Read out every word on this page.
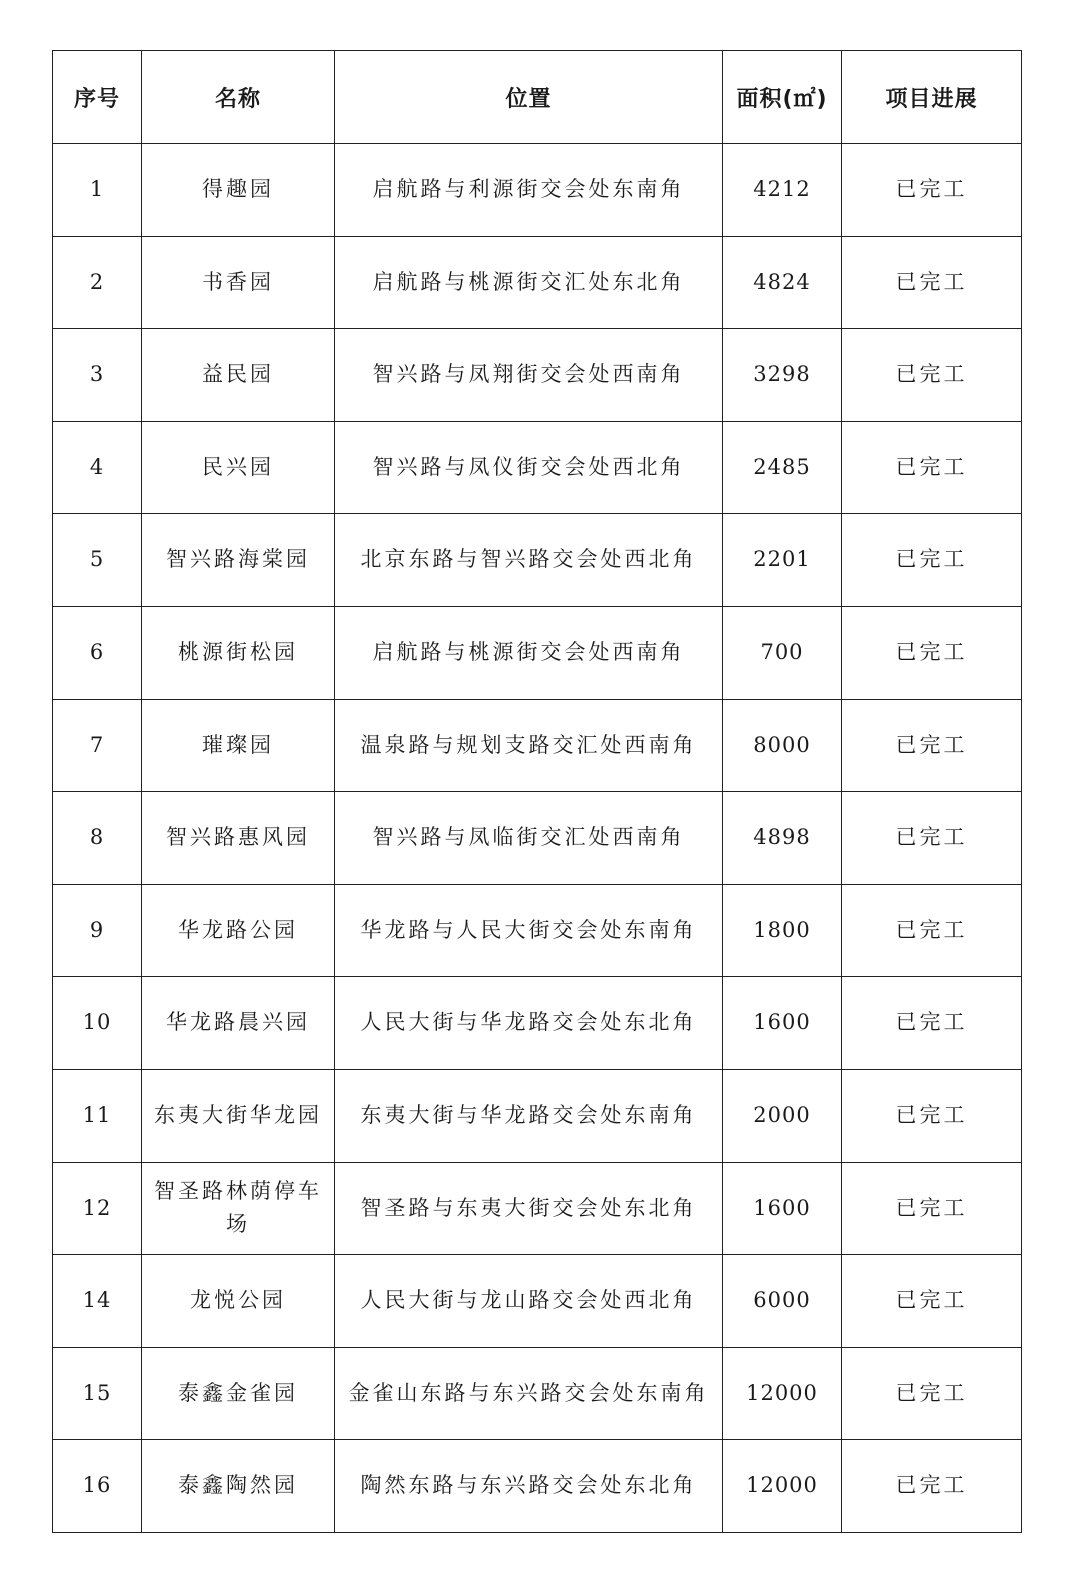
序号	名称	位置	面积(㎡)	项目进展
1	得趣园	启航路与利源街交会处东南角	4212	已完工
2	书香园	启航路与桃源街交汇处东北角	4824	已完工
3	益民园	智兴路与凤翔街交会处西南角	3298	已完工
4	民兴园	智兴路与凤仪街交会处西北角	2485	已完工
5	智兴路海棠园	北京东路与智兴路交会处西北角	2201	已完工
6	桃源街松园	启航路与桃源街交会处西南角	700	已完工
7	璀璨园	温泉路与规划支路交汇处西南角	8000	已完工
8	智兴路惠风园	智兴路与凤临街交汇处西南角	4898	已完工
9	华龙路公园	华龙路与人民大街交会处东南角	1800	已完工
10	华龙路晨兴园	人民大街与华龙路交会处东北角	1600	已完工
11	东夷大街华龙园	东夷大街与华龙路交会处东南角	2000	已完工
12	智圣路林荫停车场	智圣路与东夷大街交会处东北角	1600	已完工
14	龙悦公园	人民大街与龙山路交会处西北角	6000	已完工
15	泰鑫金雀园	金雀山东路与东兴路交会处东南角	12000	已完工
16	泰鑫陶然园	陶然东路与东兴路交会处东北角	12000	已完工
